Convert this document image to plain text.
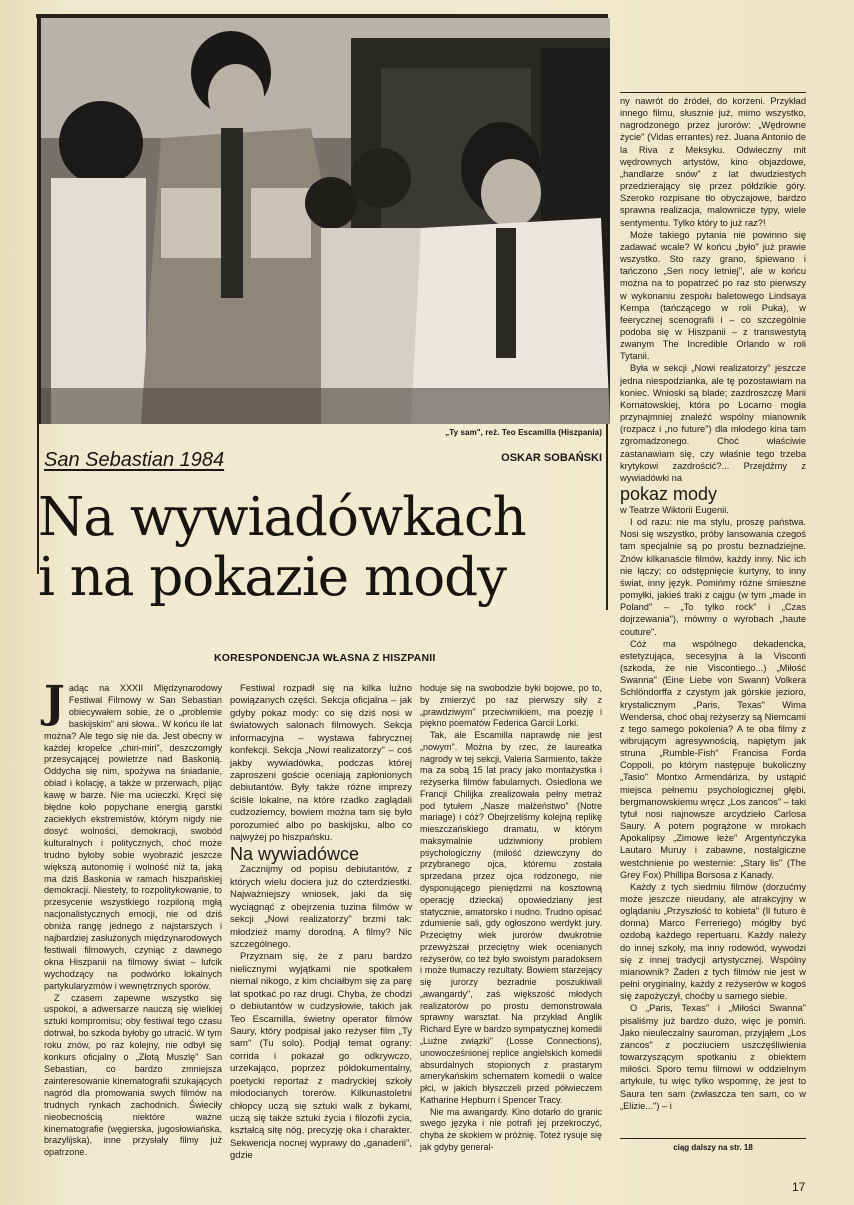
„Ty sam", reż. Teo Escamilla (Hiszpania)
San Sebastian 1984	OSKAR SOBAŃSKI
Na wywiadówkach
i na pokazie mody
KORESPONDENCJA WŁASNA Z HISZPANII

Jadąc na XXXII Międzynarodowy Festiwal Filmowy w San Sebastian obiecywałem sobie, że o „problemie baskijskim" ani słowa.. W końcu ile lat można? Ale tego się nie da. Jest obecny w każdej kropelce „chiri-miri", deszczomgły przesycającej powietrze nad Baskonią. Oddycha się nim, spożywa na śniadanie, obiad i kolację, a także w przerwach, pijąc kawę w barze. Nie ma ucieczki. Kręci się błędne koło popychane energią garstki zaciekłych ekstremistów, którym nigdy nie dosyć wolności, demokracji, swobód kulturalnych i politycznych, choć może trudno byłoby sobie wyobrazić jeszcze większą autonomię i wolność niż ta, jaką ma dziś Baskonia w ramach hiszpańskiej demokracji. Niestety, to rozpolitykowanie, to przesycenie wszystkiego rozpiloną mgłą nacjonalistycznych emocji, nie od dziś obniża rangę jednego z najstarszych i najbardziej zasłużonych międzynarodowych festiwali filmowych, czyniąc z dawnego okna Hiszpanii na filmowy świat – lufcik wychodzący na podwórko lokalnych partykularyzmów i wewnętrznych sporów.

Z czasem zapewne wszystko się uspokoi, a adwersarze nauczą się wielkiej sztuki kompromisu; oby festiwal tego czasu dotrwał, bo szkoda byłoby go utracić. W tym roku znów, po raz kolejny, nie odbył się konkurs oficjalny o „Złotą Muszlę" San Sebastian, co bardzo zmniejsza zainteresowanie kinematografii szukających nagród dla promowania swych filmów na trudnych rynkach zachodnich. Świeciły nieobecnością niektóre ważne kinematografie (węgierska, jugosłowiańska, brazylijska), inne przysłały filmy już opatrzone.

Festiwal rozpadł się na kilka luźno powiązanych części. Sekcja oficjalna – jak gdyby pokaz mody: co się dziś nosi w światowych salonach filmowych. Sekcja informacyjna – wystawa fabrycznej konfekcji. Sekcja „Nowi realizatorzy" – coś jakby wywiadówka, podczas której zaproszeni goście oceniają zapłonionych debiutantów. Były także różne imprezy ściśle lokalne, na które rzadko zaglądali cudzoziemcy, bowiem można tam się było porozumieć albo po baskijsku, albo co najwyżej po hiszpańsku.

Na wywiadówce

Zacznijmy od popisu debiutantów, z których wielu dociera już do czterdziestki. Najważniejszy wniosek, jaki da się wyciągnąć z obejrzenia tuzina filmów w sekcji „Nowi realizatorzy" brzmi tak: młodzież mamy dorodną. A filmy? Nic szczególnego.

Przyznam się, że z paru bardzo nielicznymi wyjątkami nie spotkałem niemal nikogo, z kim chciałbym się za parę lat spotkać po raz drugi. Chyba, że chodzi o debiutantów w cudzysłowie, takich jak Teo Escamilla, świetny operator filmów Saury, który podpisał jako reżyser film „Ty sam" (Tu solo). Podjął temat ograny: corrida i pokazał go odkrywczo, urzekająco, poprzez półdokumentalny, poetycki reportaż z madryckiej szkoły młodocianych torerów. Kilkunastoletni chłopcy uczą się sztuki walk z bykami, uczą się także sztuki życia i filozofii życia, kształcą sitę nóg, precyzję oka i charakter. Sekwencja nocnej wyprawy do „ganaderii", gdzie

hoduje się na swobodzie byki bojowe, po to, by zmierzyć po raz pierwszy siły z „prawdziwym" przeciwnikiem, ma poezję i piękno poematów Federica Garcii Lorki.

Tak, ale Escamilla naprawdę nie jest „nowym". Można by rzec, że laureatka nagrody w tej sekcji, Valeria Sarmiento, także ma za sobą 15 lat pracy jako montażystka i reżyserka filmów fabularnych. Osiedlona we Francji Chilijka zrealizowała pełny metraż pod tytułem „Nasze małżeństwo" (Notre mariage) i cóż? Obejrzeliśmy kolejną replikę mieszczańskiego dramatu, w którym maksymalnie udziwniony problem psychologiczny (miłość dziewczyny do przybranego ojca, któremu została sprzedana przez ojca rodzonego, nie dysponującego pieniędzmi na kosztowną operację dziecka) opowiedziany jest statycznie, amatorsko i nudno. Trudno opisać zdumienie sali, gdy ogłoszono werdykt jury. Przeciętny wiek jurorów dwukrotnie przewyższał przeciętny wiek ocenianych reżyserów, co też było swoistym paradoksem i może tłumaczy rezultaty. Bowiem starzejący się jurorzy bezradnie poszukiwali „awangardy", zaś większość młodych realizatorów po prostu demonstrowała sprawny warsztat. Na przykład Anglik Richard Eyre w bardzo sympatycznej komedii „Luźne związki" (Losse Connections), unowocześnionej replice angielskich komedii absurdalnych stopionych z prastarym amerykańskim schematem komedii o walce płci, w jakich błyszczeli przed półwieczem Katharine Hepburn i Spencer Tracy.

Nie ma awangardy. Kino dotarło do granic swego języka i nie potrafi jej przekroczyć, chyba że skokiem w próżnię. Toteż rysuje się jak gdyby general-

ny nawrót do źródeł, do korzeni. Przykład innego filmu, słusznie już, mimo wszystko, nagrodzonego przez jurorów: „Wędrowne życie" (Vidas errantes) reż. Juana Antonio de la Riva z Meksyku. Odwieczny mit wędrownych artystów, kino objazdowe, „handlarze snów" z lat dwudziestych przedzierający się przez półdzikie góry. Szeroko rozpisane tło obyczajowe, bardzo sprawna realizacja, malownicze typy, wiele sentymentu. Tylko który to już raz?!

Może takiego pytania nie powinno się zadawać wcale? W końcu „było" już prawie wszystko. Sto razy grano, śpiewano i tańczono „Sen nocy letniej", ale w końcu można na to popatrzeć po raz sto pierwszy w wykonaniu zespołu baletowego Lindsaya Kempa (tańczącego w roli Puka), w feerycznej scenografii i – co szczególnie podoba się w Hiszpanii – z transwestytą zwanym The Incredible Orlando w roli Tytanii.

Była w sekcji „Nowi realizatorzy" jeszcze jedna niespodzianka, ale tę pozostawiam na koniec. Wnioski są blade; zazdroszczę Marii Kornatowskiej, która po Locarno mogła przynajmniej znaleźć wspólny mianownik (rozpacz i „no future") dla młodego kina tam zgromadzonego. Choć właściwie zastanawiam się, czy właśnie tego trzeba krytykowi zazdrościć?... Przejdźmy z wywiadówki na

pokaz mody

w Teatrze Wiktorii Eugenii.

I od razu: nie ma stylu, proszę państwa. Nosi się wszystko, próby lansowania czegoś tam specjalnie są po prostu beznadziejne. Znów kilkanaście filmów, każdy inny. Nic ich nie łączy; co odstępnięcie kurtyny, to inny świat, inny język. Pomińmy różne śmieszne pomyłki, jakieś traki z cajgu (w tym „made in Poland" – „To tylko rock" i „Czas dojrzewania"), mówmy o wyrobach „haute couture".

Cóż ma wspólnego dekadencka, estetyzująca, secesyjna à la Visconti (szkoda, że nie Viscontiego...) „Miłość Swanna" (Eine Liebe von Swann) Volkera Schlöndorffa z czystym jak górskie jezioro, krystalicznym „Paris, Texas" Wima Wendersa, choć obaj reżyserzy są Niemcami z tego samego pokolenia? A te oba filmy z wibrującym agresywnością, napiętym jak struna „Rumble-Fish" Francisa Forda Coppoli, po którym następuje bukoliczny „Tasio" Montxo Armendáriza, by ustąpić miejsca pełnemu psychologicznej głębi, bergmanowskiemu wręcz „Los zancos" – taki tytuł nosi najnowsze arcydzieło Carlosa Saury. A potem pogrążone w mrokach Apokalipsy „Zimowe leże" Argentyńczyka Lautaro Muruy i zabawne, nostalgiczne westchnienie po westernie: „Stary lis" (The Grey Fox) Phillipa Borsosa z Kanady.

Każdy z tych siedmiu filmów (dorzućmy może jeszcze nieudany, ale atrakcyjny w oglądaniu „Przyszłość to kobieta" (Il futuro è donna) Marco Ferreriego) mógłby być ozdobą każdego repertuaru. Każdy należy do innej szkoły, ma inny rodowód, wywodzi się z innej tradycji artystycznej. Wspólny mianownik? Żaden z tych filmów nie jest w pełni oryginalny, każdy z reżyserów w kogoś się zapożyczył, choćby u samego siebie.

O „Paris, Texas" i „Miłości Swanna" pisaliśmy już bardzo dużo, więc je pomiń. Jako nieuleczalny sauroman, przyjąłem „Los zancos" z pocziuciem uszczęśliwienia towarzyszącym spotkaniu z obiektem miłości. Sporo temu filmowi w oddzielnym artykule, tu więc tylko wspomnę, że jest to Saura ten sam (zwłaszcza ten sam, co w „Elizie...") – i

ciąg dalszy na str. 18
17
